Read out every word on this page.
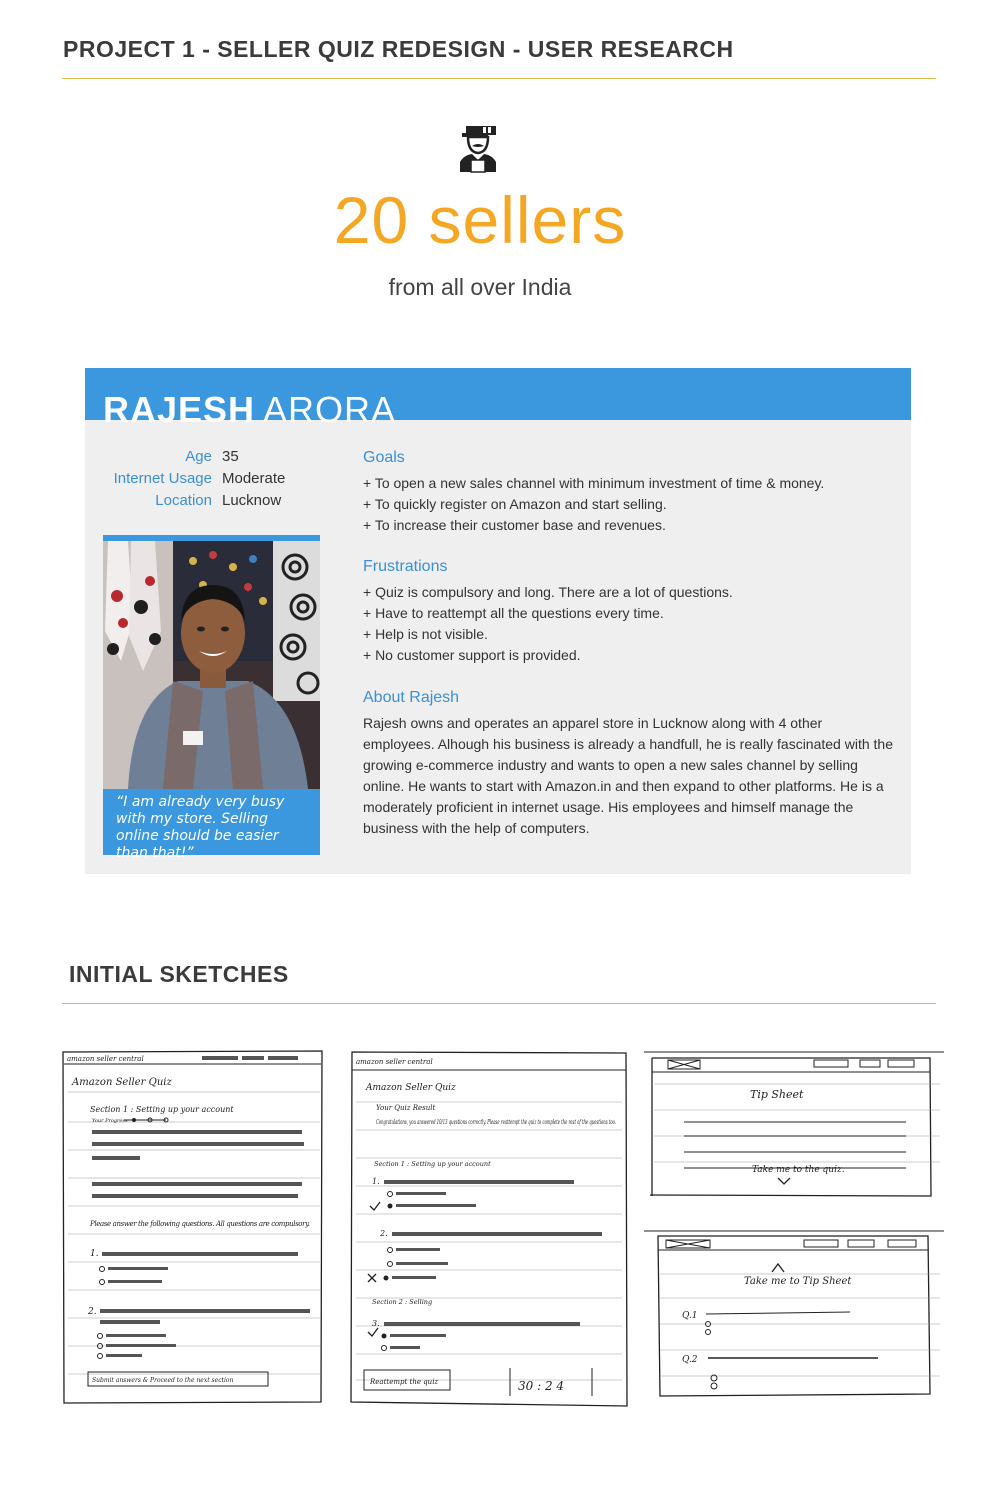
PROJECT 1 - SELLER QUIZ REDESIGN - USER RESEARCH
20 sellers
from all over India
RAJESH ARORA
Age 35
Internet Usage Moderate
Location Lucknow
“I am already very busy with my store. Selling online should be easier than that!”
Goals
+ To open a new sales channel with minimum investment of time & money.
+ To quickly register on Amazon and start selling.
+ To increase their customer base and revenues.
Frustrations
+ Quiz is compulsory and long. There are a lot of questions.
+ Have to reattempt all the questions every time.
+ Help is not visible.
+ No customer support is provided.
About Rajesh
Rajesh owns and operates an apparel store in Lucknow along with 4 other employees. Alhough his business is already a handfull, he is really fascinated with the growing e-commerce industry and wants to open a new sales channel by selling online. He wants to start with Amazon.in and then expand to other platforms. He is a moderately proficient in internet usage. His employees and himself manage the business with the help of computers.
INITIAL SKETCHES
amazon seller central
Amazon Seller Quiz
Section 1 : Setting up your account
Your Progress
Please answer the following questions. All questions are compulsory.
1.
2.
Submit answers & Proceed to the next section
amazon seller central
Amazon Seller Quiz
Your Quiz Result
Congratulations, you answered 10/13 questions correctly. Please reattempt the quiz to complete the rest of the questions too.
Section 1 : Setting up your account
1.
2.
Section 2 : Selling
3.
Reattempt the quiz	30 : 2 4
Tip Sheet
Take me to the quiz.
Take me to Tip Sheet
Q.1
Q.2
